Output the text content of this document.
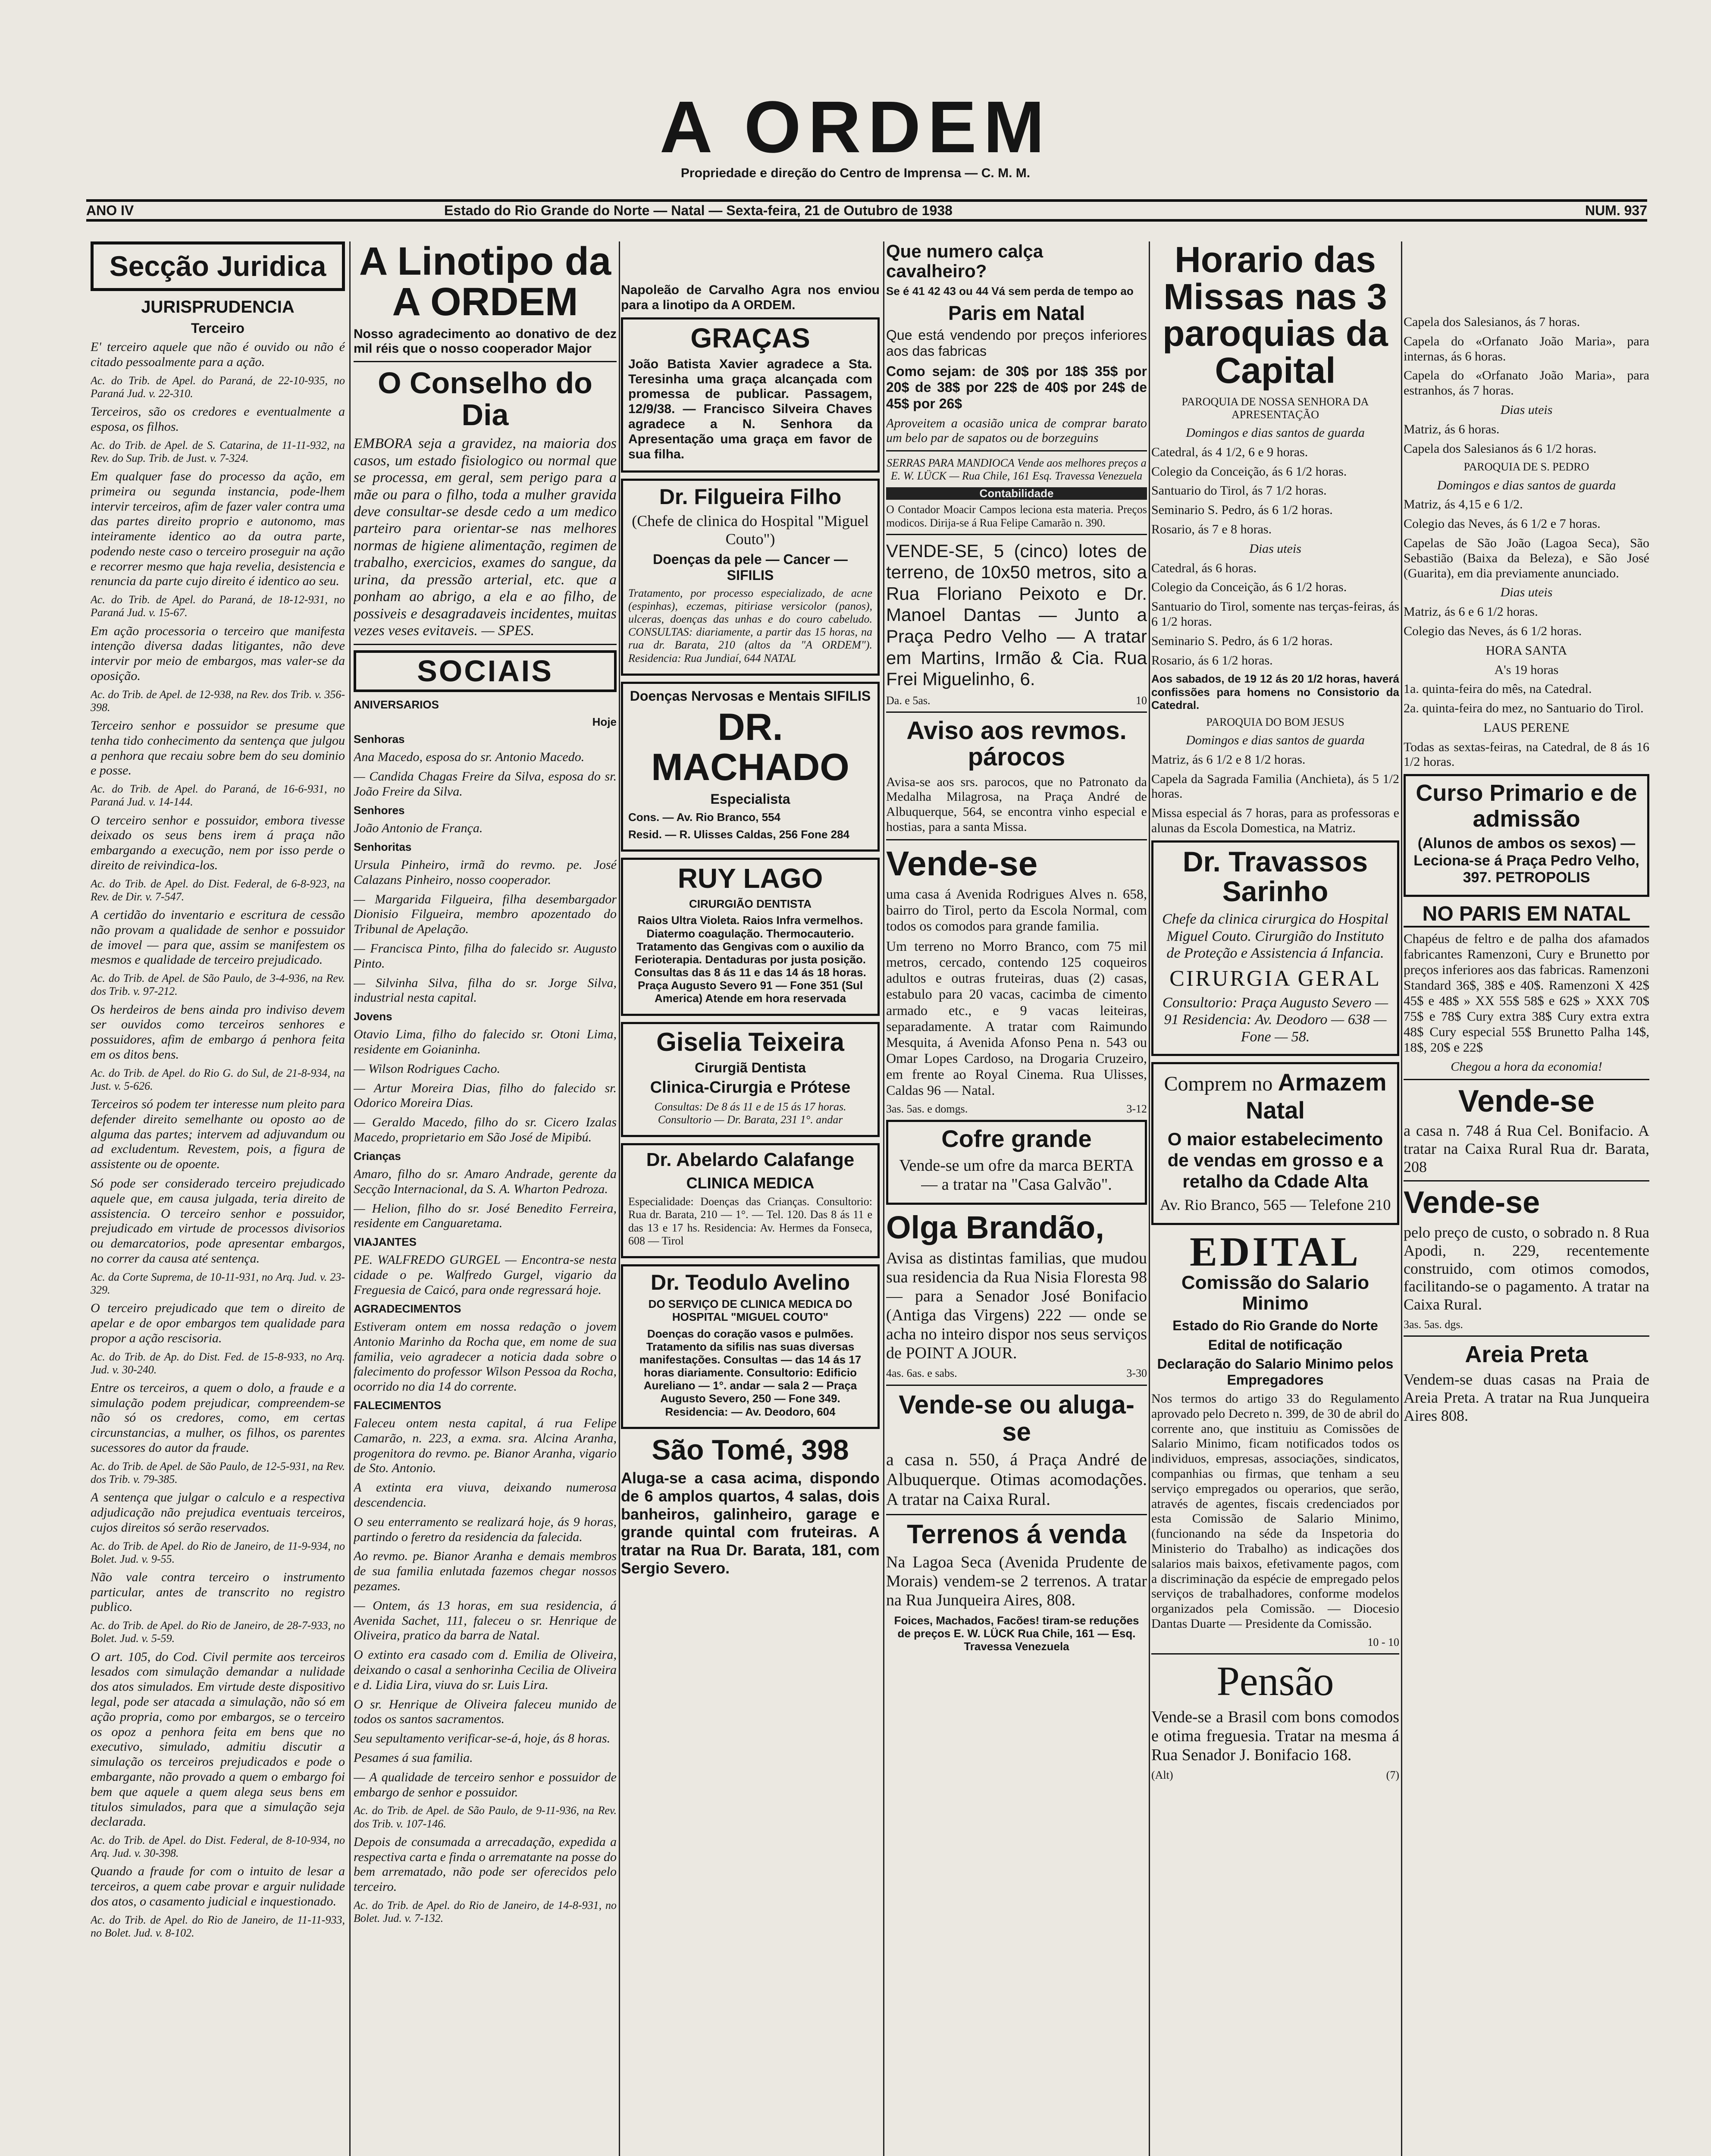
A ORDEM
Propriedade e direção do Centro de Imprensa — C. M. M.
ANO IV	Estado do Rio Grande do Norte — Natal — Sexta-feira, 21 de Outubro de 1938	NUM. 937
Secção Juridica
JURISPRUDENCIA
Terceiro

E' terceiro aquele que não é ouvido ou não é citado pessoalmente para a ação.

Ac. do Trib. de Apel. do Paraná, de 22-10-935, no Paraná Jud. v. 22-310.

Terceiros, são os credores e eventualmente a esposa, os filhos.

Ac. do Trib. de Apel. de S. Catarina, de 11-11-932, na Rev. do Sup. Trib. de Just. v. 7-324.

Em qualquer fase do processo da ação, em primeira ou segunda instancia, pode-lhem intervir terceiros, afim de fazer valer contra uma das partes direito proprio e autonomo, mas inteiramente identico ao da outra parte, podendo neste caso o terceiro proseguir na ação e recorrer mesmo que haja revelia, desistencia e renuncia da parte cujo direito é identico ao seu.

Ac. do Trib. de Apel. do Paraná, de 18-12-931, no Paraná Jud. v. 15-67.

Em ação processoria o terceiro que manifesta intenção diversa dadas litigantes, não deve intervir por meio de embargos, mas valer-se da oposição.

Ac. do Trib. de Apel. de 12-938, na Rev. dos Trib. v. 356-398.

Terceiro senhor e possuidor se presume que tenha tido conhecimento da sentença que julgou a penhora que recaiu sobre bem do seu dominio e posse.

Ac. do Trib. de Apel. do Paraná, de 16-6-931, no Paraná Jud. v. 14-144.

O terceiro senhor e possuidor, embora tivesse deixado os seus bens irem á praça não embargando a execução, nem por isso perde o direito de reivindica-los.

Ac. do Trib. de Apel. do Dist. Federal, de 6-8-923, na Rev. de Dir. v. 7-547.

A certidão do inventario e escritura de cessão não provam a qualidade de senhor e possuidor de imovel — para que, assim se manifestem os mesmos e qualidade de terceiro prejudicado.

Ac. do Trib. de Apel. de São Paulo, de 3-4-936, na Rev. dos Trib. v. 97-212.

Os herdeiros de bens ainda pro indiviso devem ser ouvidos como terceiros senhores e possuidores, afim de embargo á penhora feita em os ditos bens.

Ac. do Trib. de Apel. do Rio G. do Sul, de 21-8-934, na Just. v. 5-626.

Terceiros só podem ter interesse num pleito para defender direito semelhante ou oposto ao de alguma das partes; intervem ad adjuvandum ou ad excludentum. Revestem, pois, a figura de assistente ou de opoente.

Só pode ser considerado terceiro prejudicado aquele que, em causa julgada, teria direito de assistencia. O terceiro senhor e possuidor, prejudicado em virtude de processos divisorios ou demarcatorios, pode apresentar embargos, no correr da causa até sentença.

Ac. da Corte Suprema, de 10-11-931, no Arq. Jud. v. 23-329.

O terceiro prejudicado que tem o direito de apelar e de opor embargos tem qualidade para propor a ação rescisoria.

Ac. do Trib. de Ap. do Dist. Fed. de 15-8-933, no Arq. Jud. v. 30-240.

Entre os terceiros, a quem o dolo, a fraude e a simulação podem prejudicar, compreendem-se não só os credores, como, em certas circunstancias, a mulher, os filhos, os parentes sucessores do autor da fraude.

Ac. do Trib. de Apel. de São Paulo, de 12-5-931, na Rev. dos Trib. v. 79-385.

A sentença que julgar o calculo e a respectiva adjudicação não prejudica eventuais terceiros, cujos direitos só serão reservados.

Ac. do Trib. de Apel. do Rio de Janeiro, de 11-9-934, no Bolet. Jud. v. 9-55.

Não vale contra terceiro o instrumento particular, antes de transcrito no registro publico.

Ac. do Trib. de Apel. do Rio de Janeiro, de 28-7-933, no Bolet. Jud. v. 5-59.

O art. 105, do Cod. Civil permite aos terceiros lesados com simulação demandar a nulidade dos atos simulados. Em virtude deste dispositivo legal, pode ser atacada a simulação, não só em ação propria, como por embargos, se o terceiro os opoz a penhora feita em bens que no executivo, simulado, admitiu discutir a simulação os terceiros prejudicados e pode o embargante, não provado a quem o embargo foi bem que aquele a quem alega seus bens em titulos simulados, para que a simulação seja declarada.

Ac. do Trib. de Apel. do Dist. Federal, de 8-10-934, no Arq. Jud. v. 30-398.

Quando a fraude for com o intuito de lesar a terceiros, a quem cabe provar e arguir nulidade dos atos, o casamento judicial e inquestionado.

Ac. do Trib. de Apel. do Rio de Janeiro, de 11-11-933, no Bolet. Jud. v. 8-102.

A Linotipo da A ORDEM

Nosso agradecimento ao donativo de dez mil réis que o nosso cooperador Major

O Conselho do Dia

EMBORA seja a gravidez, na maioria dos casos, um estado fisiologico ou normal que se processa, em geral, sem perigo para a mãe ou para o filho, toda a mulher gravida deve consultar-se desde cedo a um medico parteiro para orientar-se nas melhores normas de higiene alimentação, regimen de trabalho, exercicios, exames do sangue, da urina, da pressão arterial, etc. que a ponham ao abrigo, a ela e ao filho, de possiveis e desagradaveis incidentes, muitas vezes veses evitaveis. — SPES.

SOCIAIS

ANIVERSARIOS

Hoje

Senhoras

Ana Macedo, esposa do sr. Antonio Macedo.

— Candida Chagas Freire da Silva, esposa do sr. João Freire da Silva.

Senhores

João Antonio de França.

Senhoritas

Ursula Pinheiro, irmã do revmo. pe. José Calazans Pinheiro, nosso cooperador.

— Margarida Filgueira, filha desembargador Dionisio Filgueira, membro apozentado do Tribunal de Apelação.

— Francisca Pinto, filha do falecido sr. Augusto Pinto.

— Silvinha Silva, filha do sr. Jorge Silva, industrial nesta capital.

Jovens

Otavio Lima, filho do falecido sr. Otoni Lima, residente em Goianinha.

— Wilson Rodrigues Cacho.

— Artur Moreira Dias, filho do falecido sr. Odorico Moreira Dias.

— Geraldo Macedo, filho do sr. Cicero Izalas Macedo, proprietario em São José de Mipibú.

Crianças

Amaro, filho do sr. Amaro Andrade, gerente da Secção Internacional, da S. A. Wharton Pedroza.

— Helion, filho do sr. José Benedito Ferreira, residente em Canguaretama.

VIAJANTES

PE. WALFREDO GURGEL — Encontra-se nesta cidade o pe. Walfredo Gurgel, vigario da Freguesia de Caicó, para onde regressará hoje.

AGRADECIMENTOS

Estiveram ontem em nossa redação o jovem Antonio Marinho da Rocha que, em nome de sua familia, veio agradecer a noticia dada sobre o falecimento do professor Wilson Pessoa da Rocha, ocorrido no dia 14 do corrente.

FALECIMENTOS

Faleceu ontem nesta capital, á rua Felipe Camarão, n. 223, a exma. sra. Alcina Aranha, progenitora do revmo. pe. Bianor Aranha, vigario de Sto. Antonio.

A extinta era viuva, deixando numerosa descendencia.

O seu enterramento se realizará hoje, ás 9 horas, partindo o feretro da residencia da falecida.

Ao revmo. pe. Bianor Aranha e demais membros de sua familia enlutada fazemos chegar nossos pezames.

— Ontem, ás 13 horas, em sua residencia, á Avenida Sachet, 111, faleceu o sr. Henrique de Oliveira, pratico da barra de Natal.

O extinto era casado com d. Emilia de Oliveira, deixando o casal a senhorinha Cecilia de Oliveira e d. Lidia Lira, viuva do sr. Luis Lira.

O sr. Henrique de Oliveira faleceu munido de todos os santos sacramentos.

Seu sepultamento verificar-se-á, hoje, ás 8 horas.

Pesames á sua familia.

— A qualidade de terceiro senhor e possuidor de embargo de senhor e possuidor.

Ac. do Trib. de Apel. de São Paulo, de 9-11-936, na Rev. dos Trib. v. 107-146.

Depois de consumada a arrecadação, expedida a respectiva carta e finda o arrematante na posse do bem arrematado, não pode ser oferecidos pelo terceiro.

Ac. do Trib. de Apel. do Rio de Janeiro, de 14-8-931, no Bolet. Jud. v. 7-132.

Napoleão de Carvalho Agra nos enviou para a linotipo da A ORDEM.

GRAÇAS

João Batista Xavier agradece a Sta. Teresinha uma graça alcançada com promessa de publicar. Passagem, 12/9/38. — Francisco Silveira Chaves agradece a N. Senhora da Apresentação uma graça em favor de sua filha.

Dr. Filgueira Filho
(Chefe de clinica do Hospital "Miguel Couto")
Doenças da pele — Cancer — SIFILIS

Tratamento, por processo especializado, de acne (espinhas), eczemas, pitiriase versicolor (panos), ulceras, doenças das unhas e do couro cabeludo. CONSULTAS: diariamente, a partir das 15 horas, na rua dr. Barata, 210 (altos da "A ORDEM"). Residencia: Rua Jundiaí, 644 NATAL

Doenças Nervosas e Mentais SIFILIS
DR. MACHADO
Especialista

Cons. — Av. Rio Branco, 554

Resid. — R. Ulisses Caldas, 256 Fone 284

RUY LAGO
CIRURGIÃO DENTISTA

Raios Ultra Violeta. Raios Infra vermelhos. Diatermo coagulação. Thermocauterio. Tratamento das Gengivas com o auxilio da Ferioterapia. Dentaduras por justa posição. Consultas das 8 ás 11 e das 14 ás 18 horas. Praça Augusto Severo 91 — Fone 351 (Sul America) Atende em hora reservada

Giselia Teixeira
Cirurgiã Dentista
Clinica-Cirurgia e Prótese

Consultas: De 8 ás 11 e de 15 ás 17 horas. Consultorio — Dr. Barata, 231 1°. andar

Dr. Abelardo Calafange
CLINICA MEDICA

Especialidade: Doenças das Crianças. Consultorio: Rua dr. Barata, 210 — 1°. — Tel. 120. Das 8 ás 11 e das 13 e 17 hs. Residencia: Av. Hermes da Fonseca, 608 — Tirol

Dr. Teodulo Avelino
DO SERVIÇO DE CLINICA MEDICA DO HOSPITAL "MIGUEL COUTO"

Doenças do coração vasos e pulmões. Tratamento da sifilis nas suas diversas manifestações. Consultas — das 14 ás 17 horas diariamente. Consultorio: Edificio Aureliano — 1°. andar — sala 2 — Praça Augusto Severo, 250 — Fone 349. Residencia: — Av. Deodoro, 604

São Tomé, 398

Aluga-se a casa acima, dispondo de 6 amplos quartos, 4 salas, dois banheiros, galinheiro, garage e grande quintal com fruteiras. A tratar na Rua Dr. Barata, 181, com Sergio Severo.

Que numero calça cavalheiro?

Se é 41 42 43 ou 44 Vá sem perda de tempo ao

Paris em Natal

Que está vendendo por preços inferiores aos das fabricas

Como sejam: de 30$ por 18$ 35$ por 20$ de 38$ por 22$ de 40$ por 24$ de 45$ por 26$

Aproveitem a ocasião unica de comprar barato um belo par de sapatos ou de borzeguins

SERRAS PARA MANDIOCA Vende aos melhores preços a E. W. LÜCK — Rua Chile, 161 Esq. Travessa Venezuela

Contabilidade

O Contador Moacir Campos leciona esta materia. Preços modicos. Dirija-se á Rua Felipe Camarão n. 390.

VENDE-SE, 5 (cinco) lotes de terreno, de 10x50 metros, sito a Rua Floriano Peixoto e Dr. Manoel Dantas — Junto a Praça Pedro Velho — A tratar em Martins, Irmão & Cia. Rua Frei Miguelinho, 6.

Da. e 5as.	10

Aviso aos revmos. párocos

Avisa-se aos srs. parocos, que no Patronato da Medalha Milagrosa, na Praça André de Albuquerque, 564, se encontra vinho especial e hostias, para a santa Missa.

Vende-se

uma casa á Avenida Rodrigues Alves n. 658, bairro do Tirol, perto da Escola Normal, com todos os comodos para grande familia.

Um terreno no Morro Branco, com 75 mil metros, cercado, contendo 125 coqueiros adultos e outras fruteiras, duas (2) casas, estabulo para 20 vacas, cacimba de cimento armado etc., e 9 vacas leiteiras, separadamente. A tratar com Raimundo Mesquita, á Avenida Afonso Pena n. 543 ou Omar Lopes Cardoso, na Drogaria Cruzeiro, em frente ao Royal Cinema. Rua Ulisses, Caldas 96 — Natal.

3as. 5as. e domgs.	3-12

Cofre grande

Vende-se um ofre da marca BERTA — a tratar na "Casa Galvão".

Olga Brandão,

Avisa as distintas familias, que mudou sua residencia da Rua Nisia Floresta 98 — para a Senador José Bonifacio (Antiga das Virgens) 222 — onde se acha no inteiro dispor nos seus serviços de POINT A JOUR.

4as. 6as. e sabs.	3-30

Vende-se ou aluga-se

a casa n. 550, á Praça André de Albuquerque. Otimas acomodações. A tratar na Caixa Rural.

Terrenos á venda

Na Lagoa Seca (Avenida Prudente de Morais) vendem-se 2 terrenos. A tratar na Rua Junqueira Aires, 808.

Foices, Machados, Facões! tiram-se reduções de preços E. W. LÜCK Rua Chile, 161 — Esq. Travessa Venezuela

Horario das Missas nas 3 paroquias da Capital

PAROQUIA DE NOSSA SENHORA DA APRESENTAÇÃO

Domingos e dias santos de guarda

Catedral, ás 4 1/2, 6 e 9 horas.

Colegio da Conceição, ás 6 1/2 horas.

Santuario do Tirol, ás 7 1/2 horas.

Seminario S. Pedro, ás 6 1/2 horas.

Rosario, ás 7 e 8 horas.

Dias uteis

Catedral, ás 6 horas.

Colegio da Conceição, ás 6 1/2 horas.

Santuario do Tirol, somente nas terças-feiras, ás 6 1/2 horas.

Seminario S. Pedro, ás 6 1/2 horas.

Rosario, ás 6 1/2 horas.

Aos sabados, de 19 12 ás 20 1/2 horas, haverá confissões para homens no Consistorio da Catedral.

PAROQUIA DO BOM JESUS

Domingos e dias santos de guarda

Matriz, ás 6 1/2 e 8 1/2 horas.

Capela da Sagrada Familia (Anchieta), ás 5 1/2 horas.

Missa especial ás 7 horas, para as professoras e alunas da Escola Domestica, na Matriz.

Dr. Travassos Sarinho

Chefe da clinica cirurgica do Hospital Miguel Couto. Cirurgião do Instituto de Proteção e Assistencia á Infancia.

CIRURGIA GERAL

Consultorio: Praça Augusto Severo — 91 Residencia: Av. Deodoro — 638 — Fone — 58.

Comprem no Armazem Natal

O maior estabelecimento de vendas em grosso e a retalho da Cdade Alta

Av. Rio Branco, 565 — Telefone 210

EDITAL
Comissão do Salario Minimo
Estado do Rio Grande do Norte
Edital de notificação
Declaração do Salario Minimo pelos Empregadores

Nos termos do artigo 33 do Regulamento aprovado pelo Decreto n. 399, de 30 de abril do corrente ano, que instituiu as Comissões de Salario Minimo, ficam notificados todos os individuos, empresas, associações, sindicatos, companhias ou firmas, que tenham a seu serviço empregados ou operarios, que serão, através de agentes, fiscais credenciados por esta Comissão de Salario Minimo, (funcionando na séde da Inspetoria do Ministerio do Trabalho) as indicações dos salarios mais baixos, efetivamente pagos, com a discriminação da espécie de empregado pelos serviços de trabalhadores, conforme modelos organizados pela Comissão. — Diocesio Dantas Duarte — Presidente da Comissão.

10 - 10

Pensão

Vende-se a Brasil com bons comodos e otima freguesia. Tratar na mesma á Rua Senador J. Bonifacio 168.

(Alt)	(7)

Capela dos Salesianos, ás 7 horas.

Capela do «Orfanato João Maria», para internas, ás 6 horas.

Capela do «Orfanato João Maria», para estranhos, ás 7 horas.

Dias uteis

Matriz, ás 6 horas.

Capela dos Salesianos ás 6 1/2 horas.

PAROQUIA DE S. PEDRO

Domingos e dias santos de guarda

Matriz, ás 4,15 e 6 1/2.

Colegio das Neves, ás 6 1/2 e 7 horas.

Capelas de São João (Lagoa Seca), São Sebastião (Baixa da Beleza), e São José (Guarita), em dia previamente anunciado.

Dias uteis

Matriz, ás 6 e 6 1/2 horas.

Colegio das Neves, ás 6 1/2 horas.

HORA SANTA

A's 19 horas

1a. quinta-feira do mês, na Catedral.

2a. quinta-feira do mez, no Santuario do Tirol.

LAUS PERENE

Todas as sextas-feiras, na Catedral, de 8 ás 16 1/2 horas.

Curso Primario e de admissão

(Alunos de ambos os sexos) — Leciona-se á Praça Pedro Velho, 397. PETROPOLIS

NO PARIS EM NATAL

Chapéus de feltro e de palha dos afamados fabricantes Ramenzoni, Cury e Brunetto por preços inferiores aos das fabricas. Ramenzoni Standard 36$, 38$ e 40$. Ramenzoni X 42$ 45$ e 48$ » XX 55$ 58$ e 62$ » XXX 70$ 75$ e 78$ Cury extra 38$ Cury extra extra 48$ Cury especial 55$ Brunetto Palha 14$, 18$, 20$ e 22$

Chegou a hora da economia!

Vende-se

a casa n. 748 á Rua Cel. Bonifacio. A tratar na Caixa Rural Rua dr. Barata, 208

Vende-se

pelo preço de custo, o sobrado n. 8 Rua Apodi, n. 229, recentemente construido, com otimos comodos, facilitando-se o pagamento. A tratar na Caixa Rural.

3as. 5as. dgs.

Areia Preta

Vendem-se duas casas na Praia de Areia Preta. A tratar na Rua Junqueira Aires 808.
